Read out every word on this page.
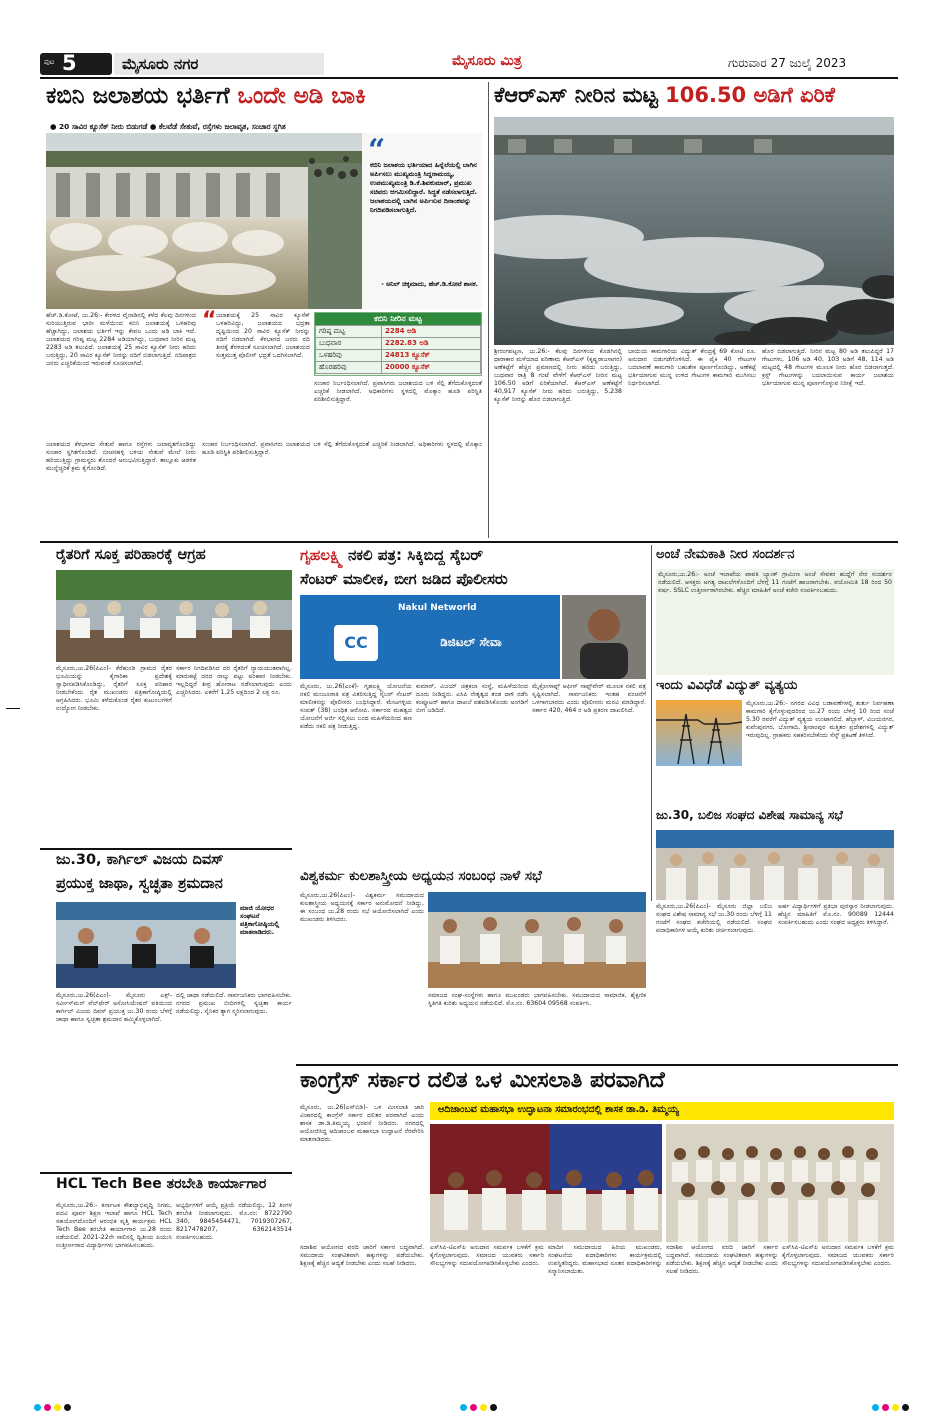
ಪುಟ 5	ಮೈಸೂರು ನಗರ	ಮೈಸೂರು ಮಿತ್ರ	ಗುರುವಾರ 27 ಜುಲೈ 2023
ಕಬಿನಿ ಜಲಾಶಯ ಭರ್ತಿಗೆ ಒಂದೇ ಅಡಿ ಬಾಕಿ
● 20 ಸಾವಿರ ಕ್ಯೂಸೆಕ್ ನೀರು ಬಿಡುಗಡೆ ● ಕೆಲವೆಡೆ ಸೇತುವೆ, ರಸ್ತೆಗಳು ಜಲಾವೃತ, ಸಂಚಾರ ಸ್ಥಗಿತ
“
ಕಬಿನಿ ಜಲಾಶಯ ಭರ್ತಿಯಾದ ಹಿನ್ನೆಲೆಯಲ್ಲಿ ಬಾಗಿನ ಅರ್ಪಿಸಲು ಮುಖ್ಯಮಂತ್ರಿ ಸಿದ್ದರಾಮಯ್ಯ, ಉಪಮುಖ್ಯಮಂತ್ರಿ ಡಿ.ಕೆ.ಶಿವಕುಮಾರ್, ಪ್ರಮುಖ ಸಚಿವರು ಆಗಮಿಸಲಿದ್ದಾರೆ. ಸಿದ್ಧತೆ ನಡೆಸಲಾಗುತ್ತಿದೆ. ಜಲಾಶಯದಲ್ಲಿ ಬಾಗಿನ ಅರ್ಪಿಸುವ ದಿನಾಂಕವನ್ನು ನಿಗದಿಪಡಿಸಲಾಗುತ್ತಿದೆ.
- ಅನಿಲ್ ಚಿಕ್ಕಮಾದು, ಹೆಚ್.ಡಿ.ಕೋಟೆ ಶಾಸಕ.
ಹೆಚ್.ಡಿ.ಕೋಟೆ, ಜು.26:- ಕೇರಳದ ವೈನಾಡಿನಲ್ಲಿ ಕಳೆದ ಕೆಲವು ದಿನಗಳಿಂದ ಸುರಿಯುತ್ತಿರುವ ಭಾರೀ ಮಳೆಯಿಂದ ಕಬಿನಿ ಜಲಾಶಯಕ್ಕೆ ಒಳಹರಿವು ಹೆಚ್ಚಾಗಿದ್ದು, ಜಲಾಶಯ ಭರ್ತಿಗೆ ಇನ್ನು ಕೇವಲ ಒಂದು ಅಡಿ ಬಾಕಿ ಇದೆ. ಜಲಾಶಯದ ಗರಿಷ್ಠ ಮಟ್ಟ 2284 ಅಡಿಯಾಗಿದ್ದು, ಬುಧವಾರ ನೀರಿನ ಮಟ್ಟ 2283 ಅಡಿ ತಲುಪಿದೆ. ಜಲಾಶಯಕ್ಕೆ 25 ಸಾವಿರ ಕ್ಯೂಸೆಕ್ ನೀರು ಹರಿದು ಬರುತ್ತಿದ್ದು, 20 ಸಾವಿರ ಕ್ಯೂಸೆಕ್ ನೀರನ್ನು ನದಿಗೆ ಬಿಡಲಾಗುತ್ತಿದೆ. ನದಿಪಾತ್ರದ ಜನರು ಎಚ್ಚರಿಕೆಯಿಂದ ಇರುವಂತೆ ಸೂಚಿಸಲಾಗಿದೆ.
ಜಲಾಶಯದ ಕೆಳಭಾಗದ ಸೇತುವೆ ಹಾಗೂ ರಸ್ತೆಗಳು ಜಲಾವೃತಗೊಂಡಿದ್ದು ಸಂಚಾರ ಸ್ಥಗಿತಗೊಂಡಿದೆ. ಬೀಚನಹಳ್ಳಿ ಬಳಿಯ ಸೇತುವೆ ಮೇಲೆ ನೀರು ಹರಿಯುತ್ತಿದ್ದು ಗ್ರಾಮಸ್ಥರು ತೊಂದರೆ ಅನುಭವಿಸುತ್ತಿದ್ದಾರೆ. ತಾಲ್ಲೂಕು ಆಡಳಿತ ಮುನ್ನೆಚ್ಚರಿಕೆ ಕ್ರಮ ಕೈಗೊಂಡಿದೆ.
“ ಜಲಾಶಯಕ್ಕೆ 25 ಸಾವಿರ ಕ್ಯೂಸೆಕ್ ಒಳಹರಿವಿದ್ದು, ಜಲಾಶಯದ ಭದ್ರತಾ ದೃಷ್ಟಿಯಿಂದ 20 ಸಾವಿರ ಕ್ಯೂಸೆಕ್ ನೀರನ್ನು ನದಿಗೆ ಬಿಡಲಾಗಿದೆ. ಕೆಳಭಾಗದ ಜನರು ನದಿ ತೀರಕ್ಕೆ ತೆರಳದಂತೆ ಸೂಚಿಸಲಾಗಿದೆ. ಜಲಾಶಯದ ಸುತ್ತಮುತ್ತ ಪೊಲೀಸ್ ಭದ್ರತೆ ಒದಗಿಸಲಾಗಿದೆ.
ಸಂಚಾರ ನಿರ್ಬಂಧಿಸಲಾಗಿದೆ. ಪ್ರವಾಸಿಗರು ಜಲಾಶಯದ ಬಳಿ ಸೆಲ್ಫಿ ತೆಗೆದುಕೊಳ್ಳದಂತೆ ಎಚ್ಚರಿಕೆ ನೀಡಲಾಗಿದೆ. ಅಧಿಕಾರಿಗಳು ಸ್ಥಳದಲ್ಲಿ ಮೊಕ್ಕಾಂ ಹೂಡಿ ಪರಿಸ್ಥಿತಿ ಪರಿಶೀಲಿಸುತ್ತಿದ್ದಾರೆ.
ಕಬಿನಿ ನೀರಿನ ಮಟ್ಟ
ಗರಿಷ್ಠ ಮಟ್ಟ	2284 ಅಡಿ
ಬುಧವಾರ	2282.83 ಅಡಿ
ಒಳಹರಿವು	24813 ಕ್ಯೂಸೆಕ್
ಹೊರಹರಿವು	20000 ಕ್ಯೂಸೆಕ್
ಸಂಚಾರ ನಿರ್ಬಂಧಿಸಲಾಗಿದೆ. ಪ್ರವಾಸಿಗರು ಜಲಾಶಯದ ಬಳಿ ಸೆಲ್ಫಿ ತೆಗೆದುಕೊಳ್ಳದಂತೆ ಎಚ್ಚರಿಕೆ ನೀಡಲಾಗಿದೆ. ಅಧಿಕಾರಿಗಳು ಸ್ಥಳದಲ್ಲಿ ಮೊಕ್ಕಾಂ ಹೂಡಿ ಪರಿಸ್ಥಿತಿ ಪರಿಶೀಲಿಸುತ್ತಿದ್ದಾರೆ.
ಕೆಆರ್‌ಎಸ್ ನೀರಿನ ಮಟ್ಟ 106.50 ಅಡಿಗೆ ಏರಿಕೆ
ಶ್ರೀರಂಗಪಟ್ಟಣ, ಜು.26:- ಕೆಲವು ದಿನಗಳಿಂದ ಕೊಡಗಿನಲ್ಲಿ ಧಾರಾಕಾರ ಮಳೆಯಾದ ಪರಿಣಾಮ ಕೆಆರ್‌ಎಸ್ (ಕೃಷ್ಣರಾಜಸಾಗರ) ಅಣೆಕಟ್ಟೆಗೆ ಹೆಚ್ಚಿನ ಪ್ರಮಾಣದಲ್ಲಿ ನೀರು ಹರಿದು ಬರುತ್ತಿದ್ದು, ಬುಧವಾರ ರಾತ್ರಿ 8 ಗಂಟೆ ವೇಳೆಗೆ ಕೆಆರ್‌ಎಸ್ ನೀರಿನ ಮಟ್ಟ 106.50 ಅಡಿಗೆ ಏರಿಕೆಯಾಗಿದೆ. ಕೆಆರ್‌ಎಸ್ ಅಣೆಕಟ್ಟೆಗೆ 40,917 ಕ್ಯೂಸೆಕ್ ನೀರು ಹರಿದು ಬರುತ್ತಿದ್ದು, 5,238 ಕ್ಯೂಸೆಕ್ ನೀರನ್ನು ಹೊರ ಬಿಡಲಾಗುತ್ತಿದೆ.
ಬಾಯಿಯ ಕಾಮಗಾರಿಯ ವಿದ್ಯುತ್ ಕೇಂದ್ರಕ್ಕೆ 69 ಕೋಟಿ ರೂ. ಅನುದಾನ ಬಿಡುಗಡೆಗೊಳಿಸಿದೆ. ಈ ಪೈಕಿ 40 ಗೇಟುಗಳ ಬದಲಾವಣೆ ಕಾಮಗಾರಿ ಬಹುತೇಕ ಪೂರ್ಣಗೊಂಡಿದ್ದು, ಅಣೆಕಟ್ಟೆ ಭರ್ತಿಯಾಗುವ ಮುನ್ನ ಉಳಿದ ಗೇಟುಗಳ ಕಾಮಗಾರಿ ಮುಗಿಸಲು ನಿರ್ಧರಿಸಲಾಗಿದೆ.
ಹೊರ ಬಿಡಲಾಗುತ್ತಿದೆ. ನೀರಿನ ಮಟ್ಟ 80 ಅಡಿ ತಲುಪಿದ್ದರೆ 17 ಗೇಟುಗಳು, 106 ಅಡಿ 40, 103 ಅಡಿಗೆ 48, 114 ಅಡಿ ಮಟ್ಟದಲ್ಲಿ 48 ಗೇಟುಗಳ ಮೂಲಕ ನೀರು ಹೊರ ಬಿಡಲಾಗುತ್ತದೆ. ಕ್ರಸ್ಟ್ ಗೇಟುಗಳನ್ನು ಬದಲಾಯಿಸುವ ಕಾರ್ಯ ಜಲಾಶಯ ಭರ್ತಿಯಾಗುವ ಮುನ್ನ ಪೂರ್ಣಗೊಳ್ಳುವ ನಿರೀಕ್ಷೆ ಇದೆ.
ರೈತರಿಗೆ ಸೂಕ್ತ ಪರಿಹಾರಕ್ಕೆ ಆಗ್ರಹ
ಮೈಸೂರು,ಜು.26(ಪಿಎಂ)- ಕೆರೆಹುಂಡಿ ಗ್ರಾಮದ ರೈತರ ಭೂಮಿಯನ್ನು ಕೈಗಾರಿಕಾ ಪ್ರದೇಶಕ್ಕೆ ಸ್ವಾಧೀನಪಡಿಸಿಕೊಂಡಿದ್ದು, ರೈತರಿಗೆ ಸೂಕ್ತ ಪರಿಹಾರ ನೀಡಬೇಕೆಂದು ರೈತ ಮುಖಂಡರು ಪತ್ರಿಕಾಗೋಷ್ಠಿಯಲ್ಲಿ ಆಗ್ರಹಿಸಿದರು. ಭೂಮಿ ಕಳೆದುಕೊಂಡ ರೈತರ ಕುಟುಂಬಗಳಿಗೆ ಉದ್ಯೋಗ ನೀಡಬೇಕು.
ಸರ್ಕಾರ ನಿಗದಿಪಡಿಸಿದ ದರ ರೈತರಿಗೆ ನ್ಯಾಯಯುತವಾಗಿಲ್ಲ. ಮಾರುಕಟ್ಟೆ ದರದ ನಾಲ್ಕು ಪಟ್ಟು ಪರಿಹಾರ ನೀಡಬೇಕು. ಇಲ್ಲದಿದ್ದರೆ ತೀವ್ರ ಹೋರಾಟ ನಡೆಸಲಾಗುವುದು ಎಂದು ಎಚ್ಚರಿಸಿದರು. ಎಕರೆಗೆ 1.25 ಲಕ್ಷದಿಂದ 2 ಲಕ್ಷ ರೂ.
ಗೃಹಲಕ್ಷ್ಮಿ ನಕಲಿ ಪತ್ರ: ಸಿಕ್ಕಿಬಿದ್ದ ಸೈಬರ್
ಸೆಂಟರ್ ಮಾಲೀಕ, ಬೀಗ ಜಡಿದ ಪೊಲೀಸರು
CC
Nakul Networld
ಡಿಜಿಟಲ್ ಸೇವಾ
ಮೈಸೂರು, ಜು.26(ಎಂಕೆ)- ಗೃಹಲಕ್ಷ್ಮಿ ಯೋಜನೆಯ ನಕಲಿ ಮಂಜೂರಾತಿ ಪತ್ರ ವಿತರಿಸುತ್ತಿದ್ದ ಸೈಬರ್ ಸೆಂಟರ್ ಮಾಲೀಕನನ್ನು ಪೊಲೀಸರು ಬಂಧಿಸಿದ್ದಾರೆ. ಮೇಟಗಳ್ಳಿಯ ಸಂಪತ್ (38) ಬಂಧಿತ ಆರೋಪಿ. ಸರ್ಕಾರದ ಮಹತ್ವದ ಯೋಜನೆಗೆ ಅರ್ಜಿ ಸಲ್ಲಿಸಲು ಬಂದ ಮಹಿಳೆಯರಿಂದ ಹಣ ಪಡೆದು ನಕಲಿ ಪತ್ರ ನೀಡುತ್ತಿದ್ದ.
ಕುಮಾರ್, ವಿಜಯ್ ಚಿತ್ರಕಲಾ ಸಂಸ್ಥೆ, ಮಹಿಳೆಯರಿಂದ ದೂರು ನೀಡಿದ್ದರು. ಎಸಿಪಿ ನೇತೃತ್ವದ ತಂಡ ದಾಳಿ ನಡೆಸಿ ಕಂಪ್ಯೂಟರ್ ಹಾಗೂ ದಾಖಲೆ ವಶಪಡಿಸಿಕೊಂಡು ಅಂಗಡಿಗೆ ಬೀಗ ಜಡಿದಿದೆ.
ಮೈಕ್ರೋಸಾಫ್ಟ್ ಆಫೀಸ್ ಸಾಫ್ಟ್‌ವೇರ್ ಮೂಲಕ ನಕಲಿ ಪತ್ರ ಸೃಷ್ಟಿಸಲಾಗಿದೆ. ಸಾರ್ವಜನಿಕರು ಇಂತಹ ವಂಚನೆಗೆ ಒಳಗಾಗಬಾರದು ಎಂದು ಪೊಲೀಸರು ಮನವಿ ಮಾಡಿದ್ದಾರೆ. ಸರ್ಕಾರ 420, 464 ರ ಅಡಿ ಪ್ರಕರಣ ದಾಖಲಿಸಿದೆ.
ಅಂಚೆ ನೇಮಕಾತಿ ನೀರ ಸಂದರ್ಶನ
ಮೈಸೂರು,ಜು.26:- ಅಂಚೆ ಇಲಾಖೆಯ ಪಾವತಿ ಬ್ಯಾಂಕ್ ಗ್ರಾಮೀಣ ಅಂಚೆ ಸೇವಕರ ಹುದ್ದೆಗೆ ನೇರ ಸಂದರ್ಶನ ನಡೆಯಲಿದೆ. ಆಸಕ್ತರು ಅಗತ್ಯ ದಾಖಲೆಗಳೊಂದಿಗೆ ಬೆಳಗ್ಗೆ 11 ಗಂಟೆಗೆ ಹಾಜರಾಗಬೇಕು. ವಯೋಮಿತಿ 18 ರಿಂದ 50 ವರ್ಷ. SSLC ಉತ್ತೀರ್ಣರಾಗಿರಬೇಕು. ಹೆಚ್ಚಿನ ಮಾಹಿತಿಗೆ ಅಂಚೆ ಕಚೇರಿ ಸಂಪರ್ಕಿಸಬಹುದು.
ಇಂದು ವಿವಿಧೆಡೆ ವಿದ್ಯುತ್ ವ್ಯತ್ಯಯ
ಮೈಸೂರು,ಜು.26:- ನಗರದ ವಿವಿಧ ಬಡಾವಣೆಗಳಲ್ಲಿ ತುರ್ತು ನಿರ್ವಹಣಾ ಕಾಮಗಾರಿ ಕೈಗೊಳ್ಳುವುದರಿಂದ ಜು.27 ರಂದು ಬೆಳಿಗ್ಗೆ 10 ರಿಂದ ಸಂಜೆ 5.30 ರವರೆಗೆ ವಿದ್ಯುತ್ ವ್ಯತ್ಯಯ ಉಂಟಾಗಲಿದೆ. ಹೆಬ್ಬಾಳ್, ವಿಜಯನಗರ, ಕುವೆಂಪುನಗರ, ಬೋಗಾದಿ, ಶ್ರೀರಾಂಪುರ ಮತ್ತಿತರ ಪ್ರದೇಶಗಳಲ್ಲಿ ವಿದ್ಯುತ್ ಇರುವುದಿಲ್ಲ. ಗ್ರಾಹಕರು ಸಹಕರಿಸಬೇಕೆಂದು ಸೆಸ್ಕ್ ಪ್ರಕಟಣೆ ತಿಳಿಸಿದೆ.
ಜು.30, ಬಲಿಜ ಸಂಘದ ವಿಶೇಷ ಸಾಮಾನ್ಯ ಸಭೆ
ಮೈಸೂರು,ಜು.26(ಪಿಎಂ)- ಮೈಸೂರು ಜಿಲ್ಲಾ ಬಲಿಜ ಸಂಘದ ವಿಶೇಷ ಸಾಮಾನ್ಯ ಸಭೆ ಜು.30 ರಂದು ಬೆಳಿಗ್ಗೆ 11 ಗಂಟೆಗೆ ಸಂಘದ ಕಚೇರಿಯಲ್ಲಿ ನಡೆಯಲಿದೆ. ಸಂಘದ ಪದಾಧಿಕಾರಿಗಳ ಆಯ್ಕೆ ಕುರಿತು ಚರ್ಚಿಸಲಾಗುವುದು.
ಅರ್ಹ ವಿದ್ಯಾರ್ಥಿಗಳಿಗೆ ಪ್ರತಿಭಾ ಪುರಸ್ಕಾರ ನೀಡಲಾಗುವುದು. ಹೆಚ್ಚಿನ ಮಾಹಿತಿಗೆ ಮೊ.ನಂ. 90089 12444 ಸಂಪರ್ಕಿಸಬಹುದು ಎಂದು ಸಂಘದ ಅಧ್ಯಕ್ಷರು ತಿಳಿಸಿದ್ದಾರೆ.
ಜು.30, ಕಾರ್ಗಿಲ್ ವಿಜಯ ದಿವಸ್
ಪ್ರಯುಕ್ತ ಜಾಥಾ, ಸ್ವಚ್ಛತಾ ಶ್ರಮದಾನ
ಮಾಜಿ ಯೋಧರ ಸಂಘಟನೆ ಪತ್ರಿಕಾಗೋಷ್ಠಿಯಲ್ಲಿ ಮಾತನಾಡಿದರು.
ಮೈಸೂರು,ಜು.26(ಪಿಎಂ)- ಮೈಸೂರು ಎಕ್ಸ್-ಸರ್ವೀಸ್‌ಮನ್ ವೆಲ್‌ಫೇರ್ ಅಸೋಸಿಯೇಷನ್ ವತಿಯಿಂದ ಕಾರ್ಗಿಲ್ ವಿಜಯ ದಿವಸ್ ಪ್ರಯುಕ್ತ ಜು.30 ರಂದು ಬೆಳಗ್ಗೆ ಜಾಥಾ ಹಾಗೂ ಸ್ವಚ್ಛತಾ ಶ್ರಮದಾನ ಹಮ್ಮಿಕೊಳ್ಳಲಾಗಿದೆ.
ದಲ್ಲಿ ಜಾಥಾ ನಡೆಯಲಿದೆ. ಸಾರ್ವಜನಿಕರು ಭಾಗವಹಿಸಬೇಕು. ನಗರದ ಪ್ರಮುಖ ಬೀದಿಗಳಲ್ಲಿ ಸ್ವಚ್ಛತಾ ಕಾರ್ಯ ನಡೆಯಲಿದ್ದು, ಸೈನಿಕರ ತ್ಯಾಗ ಸ್ಮರಿಸಲಾಗುವುದು.
ವಿಶ್ವಕರ್ಮ ಕುಲಶಾಸ್ತ್ರೀಯ ಅಧ್ಯಯನ ಸಂಬಂಧ ನಾಳೆ ಸಭೆ
ಮೈಸೂರು,ಜು.26(ಪಿಎಂ)- ವಿಶ್ವಕರ್ಮ ಸಮುದಾಯದ ಕುಲಶಾಸ್ತ್ರೀಯ ಅಧ್ಯಯನಕ್ಕೆ ಸರ್ಕಾರ ಅನುಮೋದನೆ ನೀಡಿದ್ದು, ಈ ಸಂಬಂಧ ಜು.28 ರಂದು ಸಭೆ ಆಯೋಜಿಸಲಾಗಿದೆ ಎಂದು ಮುಖಂಡರು ತಿಳಿಸಿದರು.
ಸಮಾಜದ ಸಂಘ-ಸಂಸ್ಥೆಗಳು ಹಾಗೂ ಮುಖಂಡರು ಭಾಗವಹಿಸಬೇಕು. ಸಮುದಾಯದ ಸಾಮಾಜಿಕ, ಶೈಕ್ಷಣಿಕ ಸ್ಥಿತಿಗತಿ ಕುರಿತು ಅಧ್ಯಯನ ನಡೆಯಲಿದೆ. ಮೊ.ನಂ. 63604 09568 ಸಂಪರ್ಕಿಸಿ.
ಕಾಂಗ್ರೆಸ್ ಸರ್ಕಾರ ದಲಿತ ಒಳ ಮೀಸಲಾತಿ ಪರವಾಗಿದೆ
ಆದಿಜಾಂಬವ ಮಹಾಸಭಾ ಉದ್ಘಾಟನಾ ಸಮಾರಂಭದಲ್ಲಿ ಶಾಸಕ ಡಾ.ಡಿ. ತಿಮ್ಮಯ್ಯ
ಮೈಸೂರು, ಜು.26(ಎಸ್‌ಬಿಡಿ)- ಒಳ ಮೀಸಲಾತಿ ಜಾರಿ ವಿಚಾರದಲ್ಲಿ ಕಾಂಗ್ರೆಸ್ ಸರ್ಕಾರ ದಲಿತರ ಪರವಾಗಿದೆ ಎಂದು ಶಾಸಕ ಡಾ.ಡಿ.ತಿಮ್ಮಯ್ಯ ಭರವಸೆ ನೀಡಿದರು. ನಗರದಲ್ಲಿ ಆಯೋಜಿಸಿದ್ದ ಆದಿಜಾಂಬವ ಮಹಾಸಭಾ ಉದ್ಘಾಟನೆ ನೆರವೇರಿಸಿ ಮಾತನಾಡಿದರು.
ಸದಾಶಿವ ಆಯೋಗದ ವರದಿ ಜಾರಿಗೆ ಸರ್ಕಾರ ಬದ್ಧವಾಗಿದೆ. ಸಮುದಾಯ ಸಂಘಟಿತವಾಗಿ ಹಕ್ಕುಗಳನ್ನು ಪಡೆಯಬೇಕು. ಶಿಕ್ಷಣಕ್ಕೆ ಹೆಚ್ಚಿನ ಆದ್ಯತೆ ನೀಡಬೇಕು ಎಂದು ಸಲಹೆ ನೀಡಿದರು.
ಎಸ್‌ಸಿಪಿ-ಟಿಎಸ್‌ಪಿ ಅನುದಾನ ಸಮರ್ಪಕ ಬಳಕೆಗೆ ಕ್ರಮ ಕೈಗೊಳ್ಳಲಾಗುವುದು. ಸಮಾಜದ ಯುವಕರು ಸರ್ಕಾರಿ ಸೌಲಭ್ಯಗಳನ್ನು ಸದುಪಯೋಗಪಡಿಸಿಕೊಳ್ಳಬೇಕು ಎಂದರು.
ಮಾದಿಗ ಸಮುದಾಯದ ಹಿರಿಯ ಮುಖಂಡರು, ಸಂಘಟನೆಯ ಪದಾಧಿಕಾರಿಗಳು ಕಾರ್ಯಕ್ರಮದಲ್ಲಿ ಉಪಸ್ಥಿತರಿದ್ದರು. ಮಹಾಸಭಾದ ನೂತನ ಪದಾಧಿಕಾರಿಗಳನ್ನು ಸನ್ಮಾನಿಸಲಾಯಿತು.
ಸದಾಶಿವ ಆಯೋಗದ ವರದಿ ಜಾರಿಗೆ ಸರ್ಕಾರ ಬದ್ಧವಾಗಿದೆ. ಸಮುದಾಯ ಸಂಘಟಿತವಾಗಿ ಹಕ್ಕುಗಳನ್ನು ಪಡೆಯಬೇಕು. ಶಿಕ್ಷಣಕ್ಕೆ ಹೆಚ್ಚಿನ ಆದ್ಯತೆ ನೀಡಬೇಕು ಎಂದು ಸಲಹೆ ನೀಡಿದರು.
ಎಸ್‌ಸಿಪಿ-ಟಿಎಸ್‌ಪಿ ಅನುದಾನ ಸಮರ್ಪಕ ಬಳಕೆಗೆ ಕ್ರಮ ಕೈಗೊಳ್ಳಲಾಗುವುದು. ಸಮಾಜದ ಯುವಕರು ಸರ್ಕಾರಿ ಸೌಲಭ್ಯಗಳನ್ನು ಸದುಪಯೋಗಪಡಿಸಿಕೊಳ್ಳಬೇಕು ಎಂದರು.
HCL Tech Bee ತರಬೇತಿ ಕಾರ್ಯಾಗಾರ
ಮೈಸೂರು,ಜು.26:- ಕರ್ನಾಟಕ ಕೌಶಲ್ಯಾಭಿವೃದ್ಧಿ ನಿಗಮ, ಪದವಿ ಪೂರ್ವ ಶಿಕ್ಷಣ ಇಲಾಖೆ ಹಾಗೂ HCL Tech ಸಹಯೋಗದೊಂದಿಗೆ ಆರಂಭಿಕ ವೃತ್ತಿ ಕಾರ್ಯಕ್ರಮ HCL Tech Bee ತರಬೇತಿ ಕಾರ್ಯಾಗಾರ ಜು.28 ರಂದು ನಡೆಯಲಿದೆ. 2021-22ನೇ ಸಾಲಿನಲ್ಲಿ ದ್ವಿತೀಯ ಪಿಯುಸಿ ಉತ್ತೀರ್ಣರಾದ ವಿದ್ಯಾರ್ಥಿಗಳು ಭಾಗವಹಿಸಬಹುದು.
ಅಭ್ಯರ್ಥಿಗಳಿಗೆ ಆಯ್ಕೆ ಪ್ರಕ್ರಿಯೆ ನಡೆಯಲಿದ್ದು, 12 ತಿಂಗಳ ತರಬೇತಿ ನೀಡಲಾಗುವುದು. ಮೊ.ನಂ: 8722790 340, 9845454471, 7019307267, 8217478207, 6362143514 ಸಂಪರ್ಕಿಸಬಹುದು.
